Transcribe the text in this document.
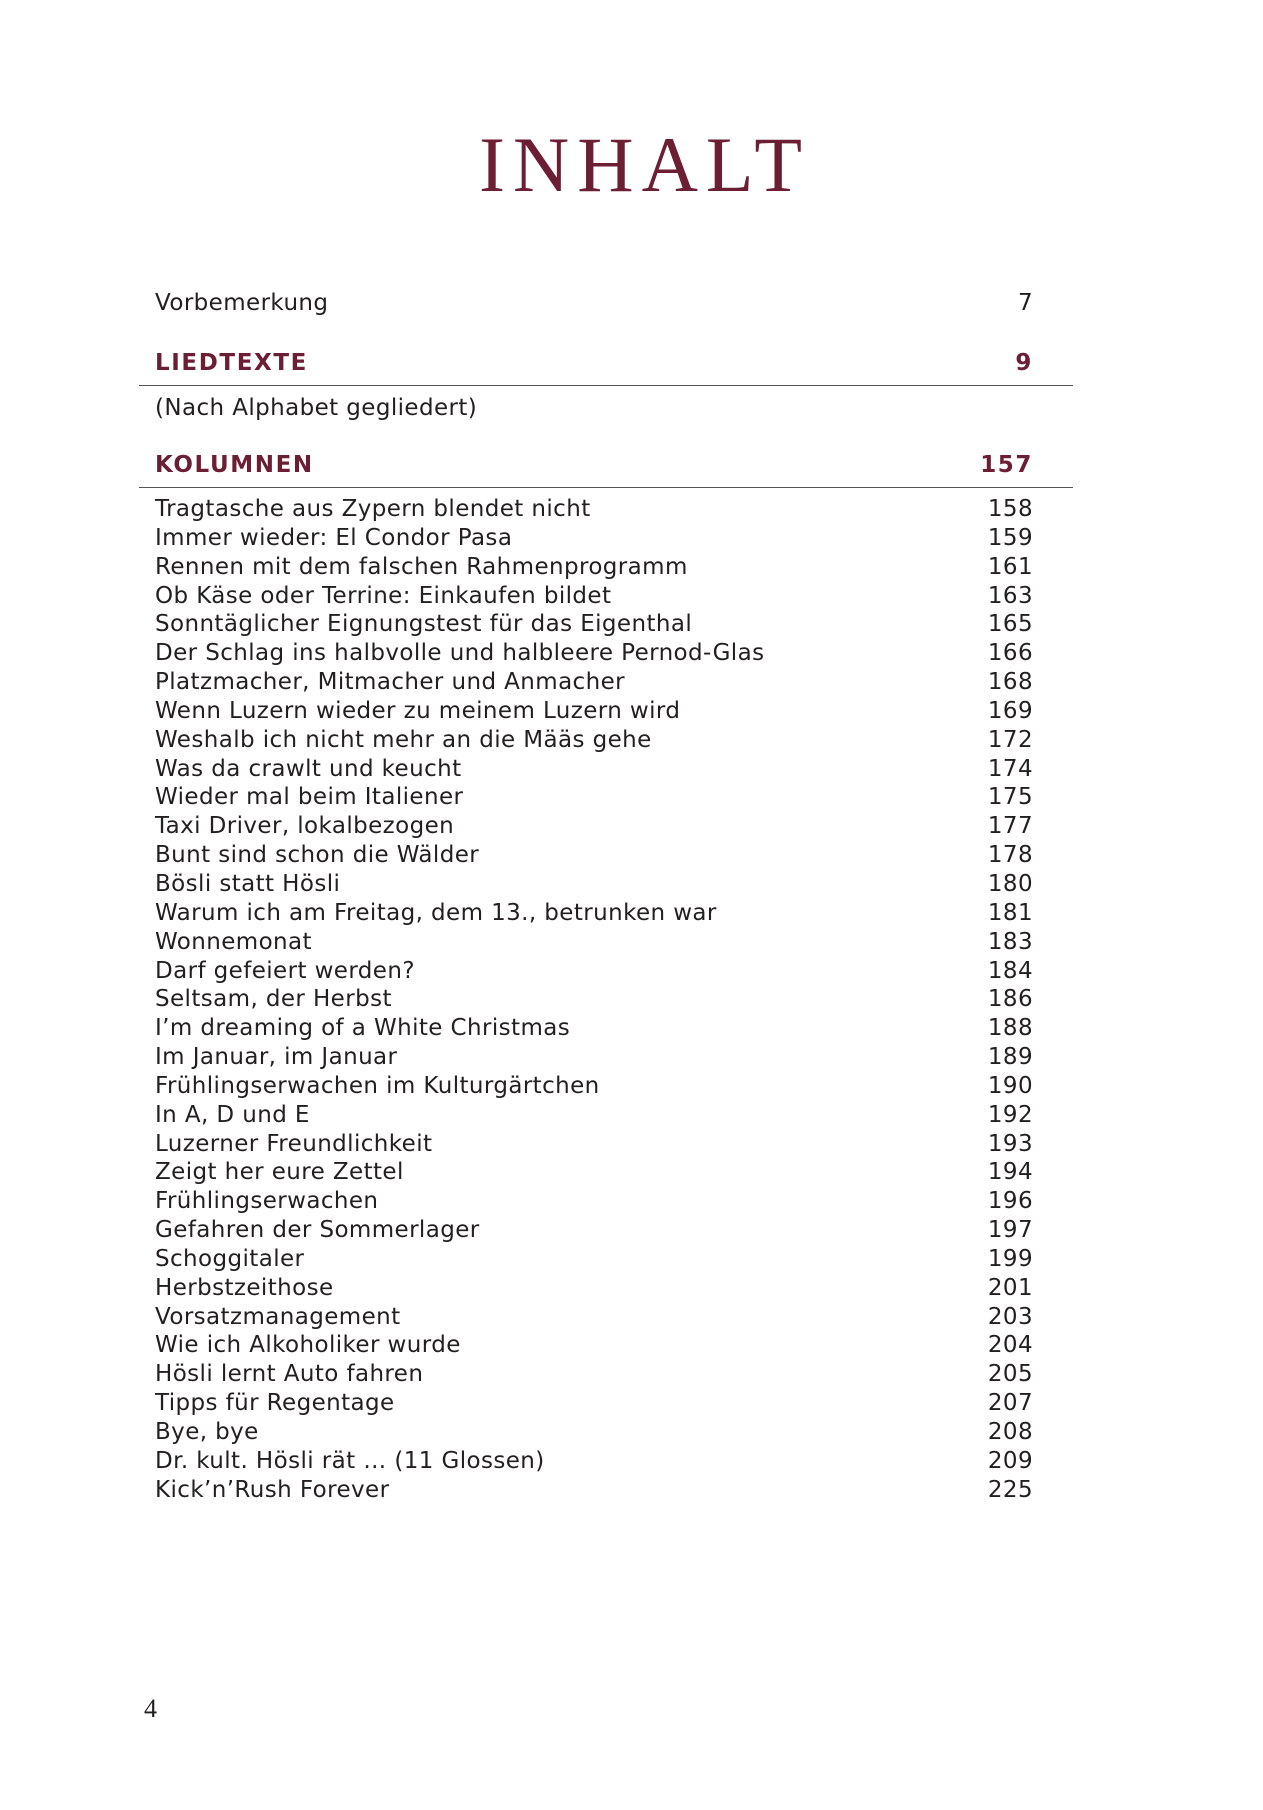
INHALT
Vorbemerkung	7
LIEDTEXTE	9
(Nach Alphabet gegliedert)
KOLUMNEN	157
Tragtasche aus Zypern blendet nicht	158
Immer wieder: El Condor Pasa	159
Rennen mit dem falschen Rahmenprogramm	161
Ob Käse oder Terrine: Einkaufen bildet	163
Sonntäglicher Eignungstest für das Eigenthal	165
Der Schlag ins halbvolle und halbleere Pernod-Glas	166
Platzmacher, Mitmacher und Anmacher	168
Wenn Luzern wieder zu meinem Luzern wird	169
Weshalb ich nicht mehr an die Määs gehe	172
Was da crawlt und keucht	174
Wieder mal beim Italiener	175
Taxi Driver, lokalbezogen	177
Bunt sind schon die Wälder	178
Bösli statt Hösli	180
Warum ich am Freitag, dem 13., betrunken war	181
Wonnemonat	183
Darf gefeiert werden?	184
Seltsam, der Herbst	186
I’m dreaming of a White Christmas	188
Im Januar, im Januar	189
Frühlingserwachen im Kulturgärtchen	190
In A, D und E	192
Luzerner Freundlichkeit	193
Zeigt her eure Zettel	194
Frühlingserwachen	196
Gefahren der Sommerlager	197
Schoggitaler	199
Herbstzeithose	201
Vorsatzmanagement	203
Wie ich Alkoholiker wurde	204
Hösli lernt Auto fahren	205
Tipps für Regentage	207
Bye, bye	208
Dr. kult. Hösli rät … (11 Glossen)	209
Kick’n’Rush Forever	225
4
